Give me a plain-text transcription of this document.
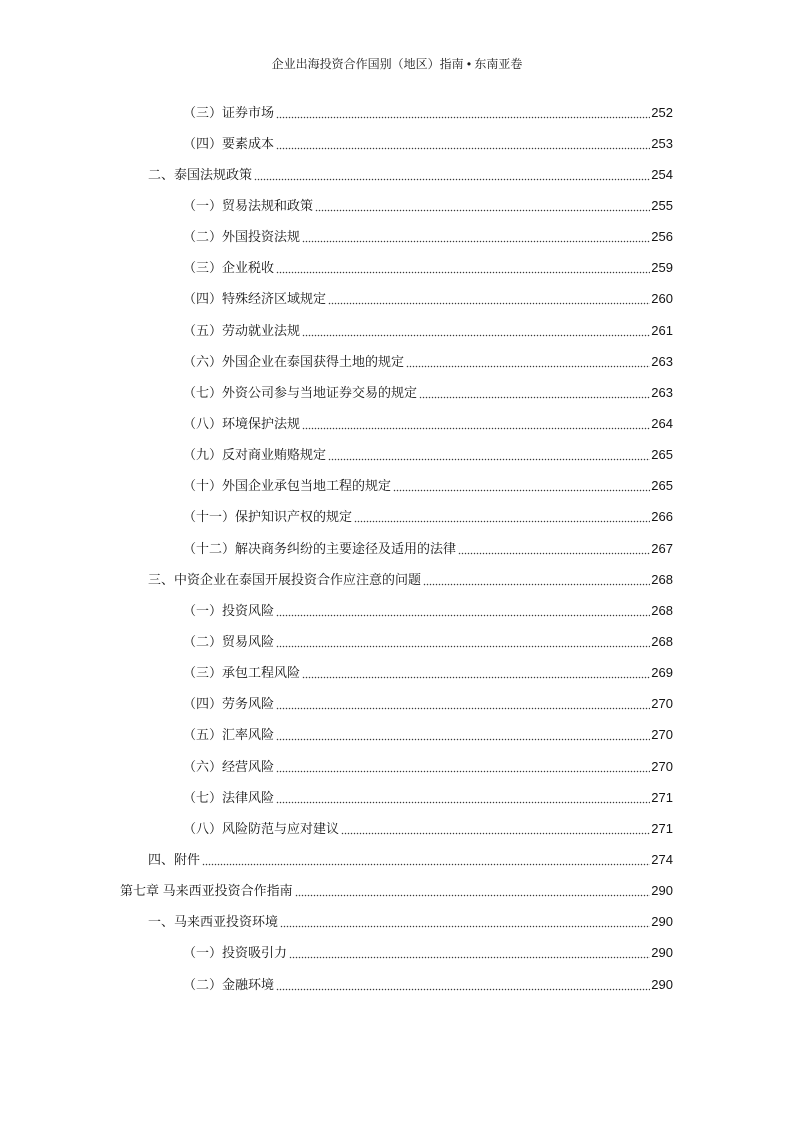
企业出海投资合作国别（地区）指南 • 东南亚卷
（三）证券市场	252
（四）要素成本	253
二、泰国法规政策	254
（一）贸易法规和政策	255
（二）外国投资法规	256
（三）企业税收	259
（四）特殊经济区域规定	260
（五）劳动就业法规	261
（六）外国企业在泰国获得土地的规定	263
（七）外资公司参与当地证券交易的规定	263
（八）环境保护法规	264
（九）反对商业贿赂规定	265
（十）外国企业承包当地工程的规定	265
（十一）保护知识产权的规定	266
（十二）解决商务纠纷的主要途径及适用的法律	267
三、中资企业在泰国开展投资合作应注意的问题	268
（一）投资风险	268
（二）贸易风险	268
（三）承包工程风险	269
（四）劳务风险	270
（五）汇率风险	270
（六）经营风险	270
（七）法律风险	271
（八）风险防范与应对建议	271
四、附件	274
第七章 马来西亚投资合作指南	290
一、马来西亚投资环境	290
（一）投资吸引力	290
（二）金融环境	290
